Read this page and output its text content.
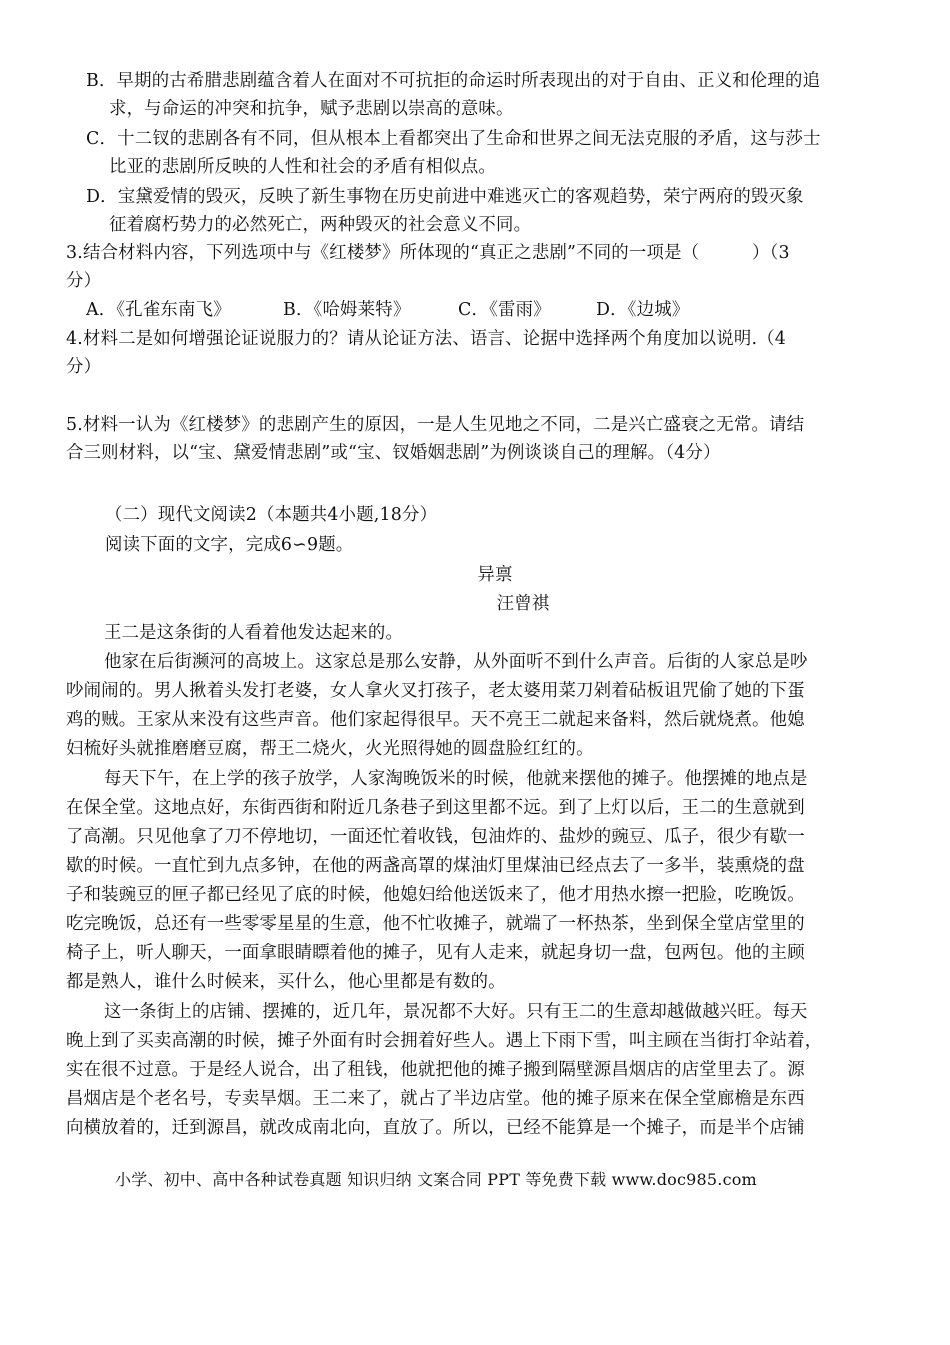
B．早期的古希腊悲剧蕴含着人在面对不可抗拒的命运时所表现出的对于自由、正义和伦理的追
求，与命运的冲突和抗争，赋予悲剧以崇高的意味。
C．十二钗的悲剧各有不同，但从根本上看都突出了生命和世界之间无法克服的矛盾，这与莎士
比亚的悲剧所反映的人性和社会的矛盾有相似点。
D．宝黛爱情的毁灭，反映了新生事物在历史前进中难逃灭亡的客观趋势，荣宁两府的毁灭象
征着腐朽势力的必然死亡，两种毁灭的社会意义不同。
3.结合材料内容，下列选项中与《红楼梦》所体现的“真正之悲剧”不同的一项是（　　　）（3
分）
A．《孔雀东南飞》	B．《哈姆莱特》	C．《雷雨》	D．《边城》
4.材料二是如何增强论证说服力的？请从论证方法、语言、论据中选择两个角度加以说明.（4
分）
5.材料一认为《红楼梦》的悲剧产生的原因，一是人生见地之不同，二是兴亡盛衰之无常。请结
合三则材料，以“宝、黛爱情悲剧”或“宝、钗婚姻悲剧”为例谈谈自己的理解。（4分）
（二）现代文阅读2（本题共4小题,18分）
阅读下面的文字，完成6∽9题。
异禀
汪曾祺
王二是这条街的人看着他发达起来的。
他家在后街濒河的高坡上。这家总是那么安静，从外面听不到什么声音。后街的人家总是吵
吵闹闹的。男人揪着头发打老婆，女人拿火叉打孩子，老太婆用菜刀剁着砧板诅咒偷了她的下蛋
鸡的贼。王家从来没有这些声音。他们家起得很早。天不亮王二就起来备料，然后就烧煮。他媳
妇梳好头就推磨磨豆腐，帮王二烧火，火光照得她的圆盘脸红红的。
每天下午，在上学的孩子放学，人家淘晚饭米的时候，他就来摆他的摊子。他摆摊的地点是
在保全堂。这地点好，东街西街和附近几条巷子到这里都不远。到了上灯以后，王二的生意就到
了高潮。只见他拿了刀不停地切，一面还忙着收钱，包油炸的、盐炒的豌豆、瓜子，很少有歇一
歇的时候。一直忙到九点多钟，在他的两盏高罩的煤油灯里煤油已经点去了一多半，装熏烧的盘
子和装豌豆的匣子都已经见了底的时候，他媳妇给他送饭来了，他才用热水擦一把脸，吃晚饭。
吃完晚饭，总还有一些零零星星的生意，他不忙收摊子，就端了一杯热茶，坐到保全堂店堂里的
椅子上，听人聊天，一面拿眼睛瞟着他的摊子，见有人走来，就起身切一盘，包两包。他的主顾
都是熟人，谁什么时候来，买什么，他心里都是有数的。
这一条街上的店铺、摆摊的，近几年，景况都不大好。只有王二的生意却越做越兴旺。每天
晚上到了买卖高潮的时候，摊子外面有时会拥着好些人。遇上下雨下雪，叫主顾在当街打伞站着，
实在很不过意。于是经人说合，出了租钱，他就把他的摊子搬到隔壁源昌烟店的店堂里去了。源
昌烟店是个老名号，专卖旱烟。王二来了，就占了半边店堂。他的摊子原来在保全堂廊檐是东西
向横放着的，迁到源昌，就改成南北向，直放了。所以，已经不能算是一个摊子，而是半个店铺
小学、初中、高中各种试卷真题 知识归纳 文案合同 PPT 等免费下载 www.doc985.com
